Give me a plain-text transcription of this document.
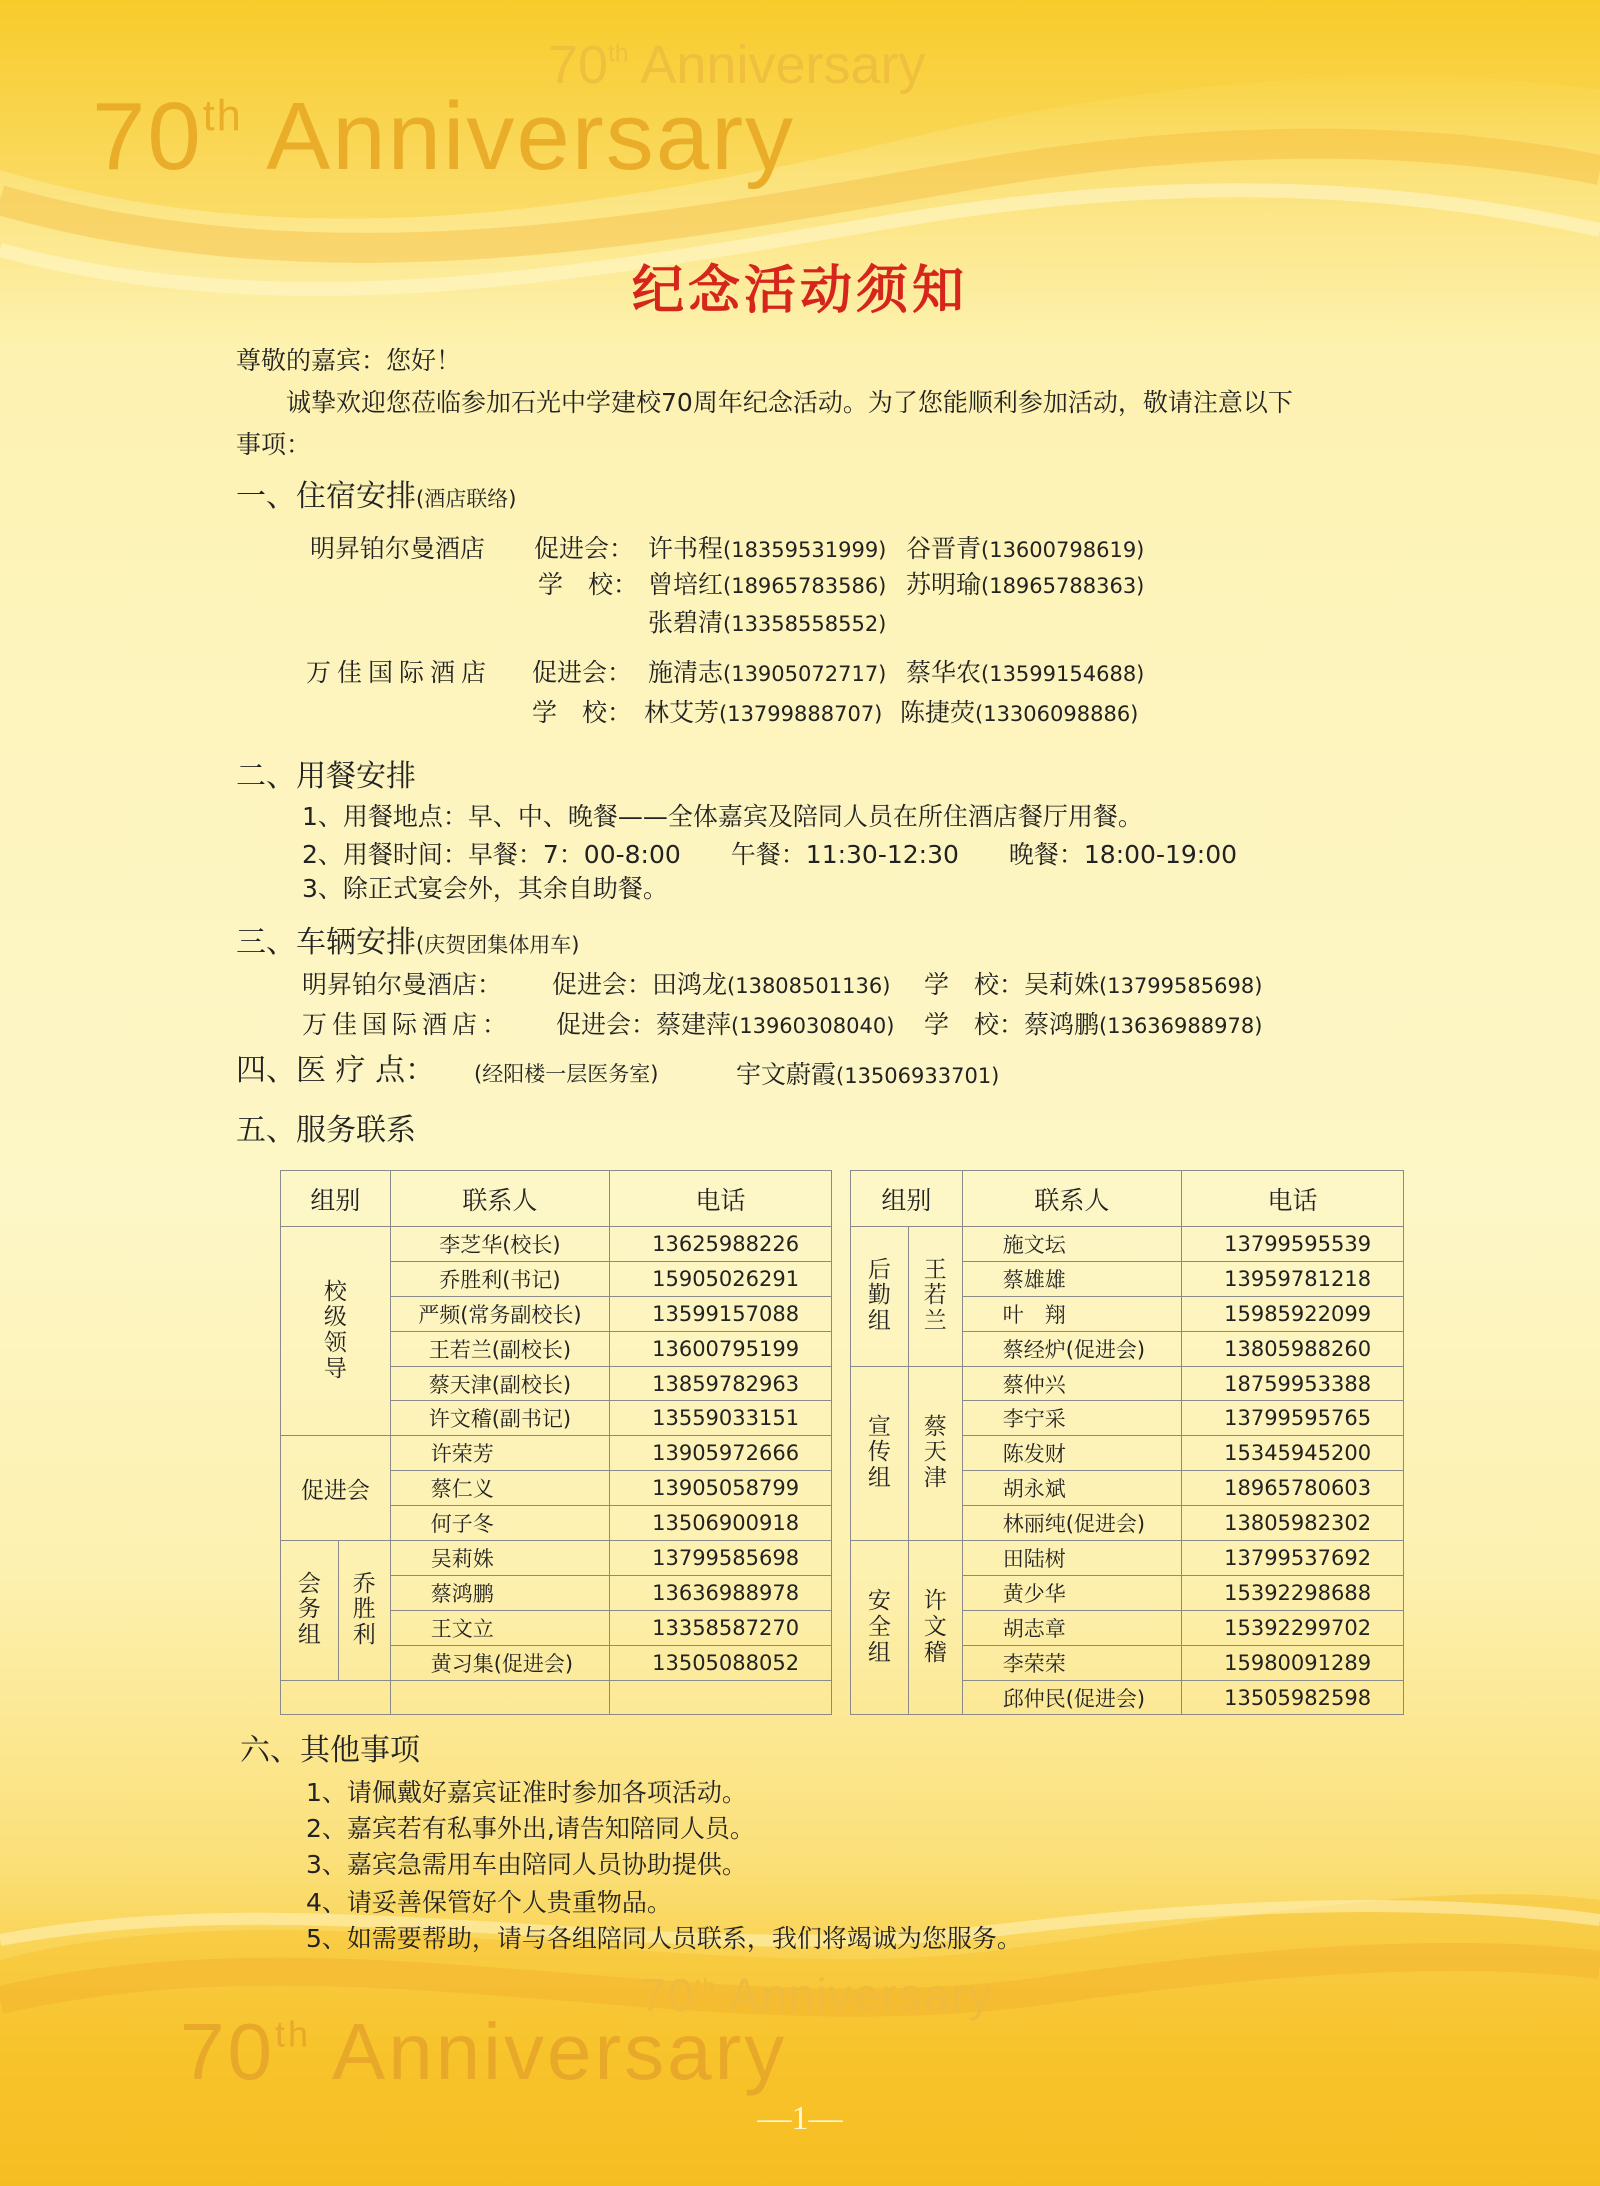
70th Anniversary
70th Anniversary
70th Anniversary
70th Anniversary
纪念活动须知
尊敬的嘉宾：您好！
诚挚欢迎您莅临参加石光中学建校70周年纪念活动。为了您能顺利参加活动，敬请注意以下
事项：
一、住宿安排(酒店联络)
明昇铂尔曼酒店 促进会： 许书程(18359531999) 谷晋青(13600798619)
学　校： 曾培红(18965783586) 苏明瑜(18965788363)
张碧清(13358558552)
万佳国际酒店 促进会： 施清志(13905072717) 蔡华农(13599154688)
学　校： 林艾芳(13799888707) 陈捷荧(13306098886)
二、用餐安排
1、用餐地点：早、中、晚餐——全体嘉宾及陪同人员在所住酒店餐厅用餐。
2、用餐时间：早餐：7：00-8:00　　午餐：11:30-12:30　　晚餐：18:00-19:00
3、除正式宴会外，其余自助餐。
三、车辆安排(庆贺团集体用车)
明昇铂尔曼酒店： 促进会：田鸿龙(13808501136) 学　校：吴莉姝(13799585698)
万佳国际酒店： 促进会：蔡建萍(13960308040) 学　校：蔡鸿鹏(13636988978)
四、医 疗 点： (经阳楼一层医务室)	宇文蔚霞(13506933701)
五、服务联系
组别		联系人	电话

校级领导		李芝华(校长)	13625988226
		乔胜利(书记)	15905026291
		严频(常务副校长)	13599157088
		王若兰(副校长)	13600795199
		蔡天津(副校长)	13859782963
		许文稽(副书记)	13559033151
促进会		许荣芳	13905972666
		蔡仁义	13905058799
		何子冬	13506900918

会务组	乔胜利	吴莉姝	13799585698
		蔡鸿鹏	13636988978
		王文立	13358587270
		黄习集(促进会)	13505088052

组别		联系人	电话

后勤组	王若兰	施文坛	13799595539
		蔡雄雄	13959781218
		叶　翔	15985922099
		蔡经炉(促进会)	13805988260

宣传组	蔡天津	蔡仲兴	18759953388
		李宁采	13799595765
		陈发财	15345945200
		胡永斌	18965780603
		林丽纯(促进会)	13805982302

安全组	许文稽	田陆树	13799537692
		黄少华	15392298688
		胡志章	15392299702
		李荣荣	15980091289
		邱仲民(促进会)	13505982598
六、其他事项
1、请佩戴好嘉宾证准时参加各项活动。
2、嘉宾若有私事外出,请告知陪同人员。
3、嘉宾急需用车由陪同人员协助提供。
4、请妥善保管好个人贵重物品。
5、如需要帮助，请与各组陪同人员联系，我们将竭诚为您服务。
—1—
